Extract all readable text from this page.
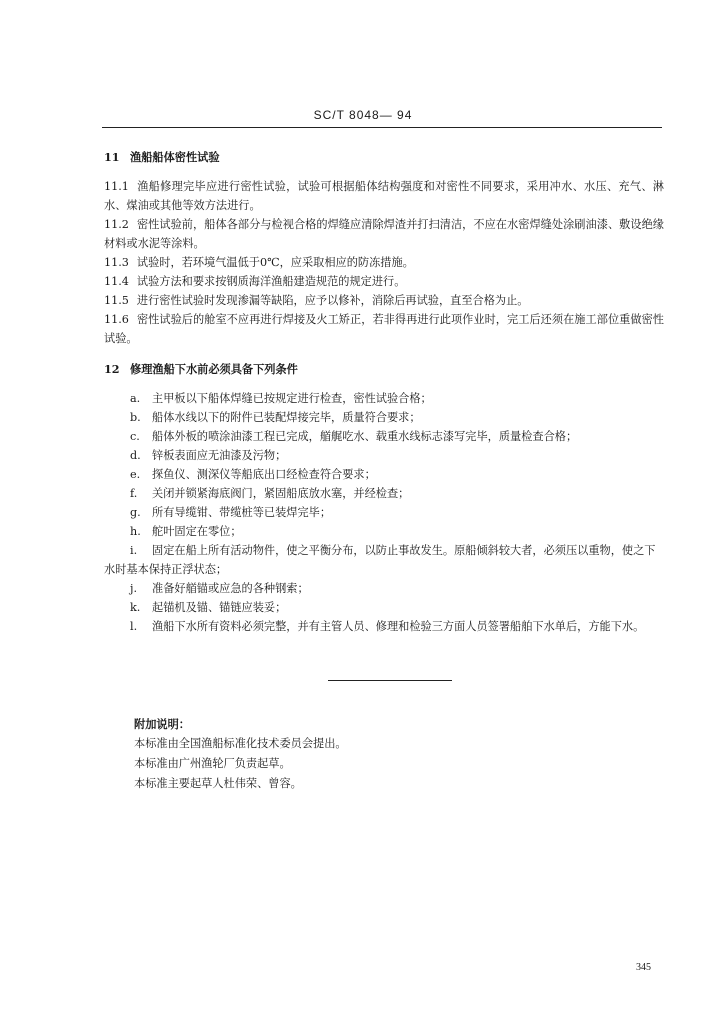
SC/T 8048— 94

11 渔船船体密性试验

11.1 渔船修理完毕应进行密性试验，试验可根据船体结构强度和对密性不同要求，采用冲水、水压、充气、淋水、煤油或其他等效方法进行。

11.2 密性试验前，船体各部分与检视合格的焊缝应清除焊渣并打扫清洁，不应在水密焊缝处涂刷油漆、敷设绝缘材料或水泥等涂料。

11.3 试验时，若环境气温低于0℃，应采取相应的防冻措施。

11.4 试验方法和要求按钢质海洋渔船建造规范的规定进行。

11.5 进行密性试验时发现渗漏等缺陷，应予以修补，消除后再试验，直至合格为止。

11.6 密性试验后的舱室不应再进行焊接及火工矫正，若非得再进行此项作业时，完工后还须在施工部位重做密性试验。

12 修理渔船下水前必须具备下列条件

a. 主甲板以下船体焊缝已按规定进行检查，密性试验合格；

b. 船体水线以下的附件已装配焊接完毕，质量符合要求；

c. 船体外板的喷涂油漆工程已完成，艏艉吃水、载重水线标志漆写完毕，质量检查合格；

d. 锌板表面应无油漆及污物；

e. 探鱼仪、测深仪等船底出口经检查符合要求；

f. 关闭并锁紧海底阀门，紧固船底放水塞，并经检查；

g. 所有导缆钳、带缆桩等已装焊完毕；

h. 舵叶固定在零位；

i. 固定在船上所有活动物件，使之平衡分布，以防止事故发生。原船倾斜较大者，必须压以重物，使之下水时基本保持正浮状态；

j. 准备好艏锚或应急的各种钢索；

k. 起锚机及锚、锚链应装妥；

l. 渔船下水所有资料必须完整，并有主管人员、修理和检验三方面人员签署船舶下水单后，方能下水。

附加说明：
本标准由全国渔船标准化技术委员会提出。
本标准由广州渔轮厂负责起草。
本标准主要起草人杜伟荣、曾容。
345
